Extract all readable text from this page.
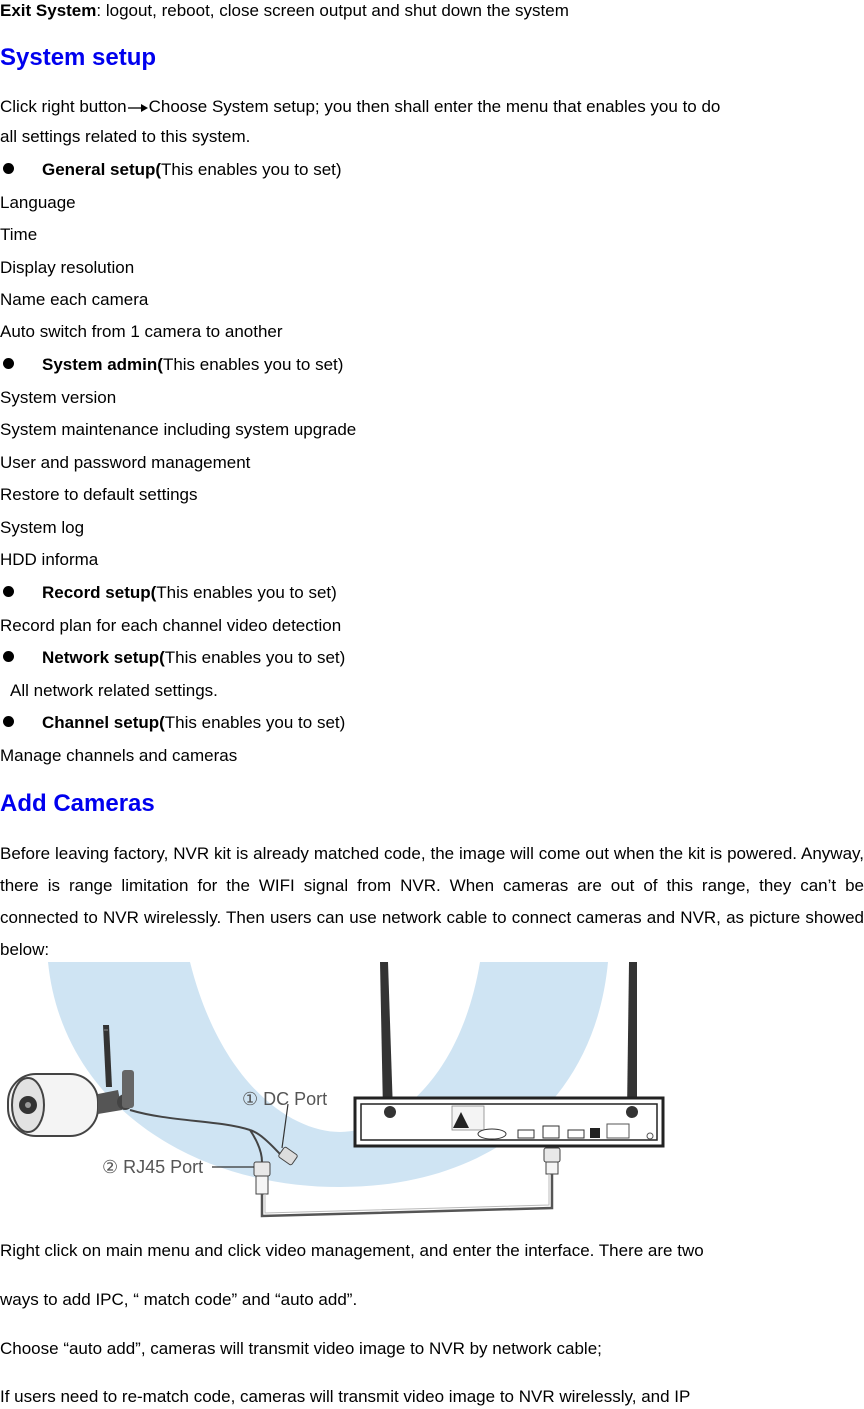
Exit System: logout, reboot, close screen output and shut down the system
System setup
Click right button Choose System setup; you then shall enter the menu that enables you to do
all settings related to this system.
General setup(This enables you to set)
Language
Time
Display resolution
Name each camera
Auto switch from 1 camera to another
System admin(This enables you to set)
System version
System maintenance including system upgrade
User and password management
Restore to default settings
System log
HDD informa
Record setup(This enables you to set)
Record plan for each channel video detection
Network setup(This enables you to set)
All network related settings.
Channel setup(This enables you to set)
Manage channels and cameras
Add Cameras
Before leaving factory, NVR kit is already matched code, the image will come out when the kit is powered. Anyway, there is range limitation for the WIFI signal from NVR. When cameras are out of this range, they can’t be connected to NVR wirelessly. Then users can use network cable to connect cameras and NVR, as picture showed below:
① DC Port
② RJ45 Port
Right click on main menu and click video management, and enter the interface. There are two
ways to add IPC, “ match code” and “auto add”.
Choose “auto add”, cameras will transmit video image to NVR by network cable;
If users need to re-match code, cameras will transmit video image to NVR wirelessly, and IP
